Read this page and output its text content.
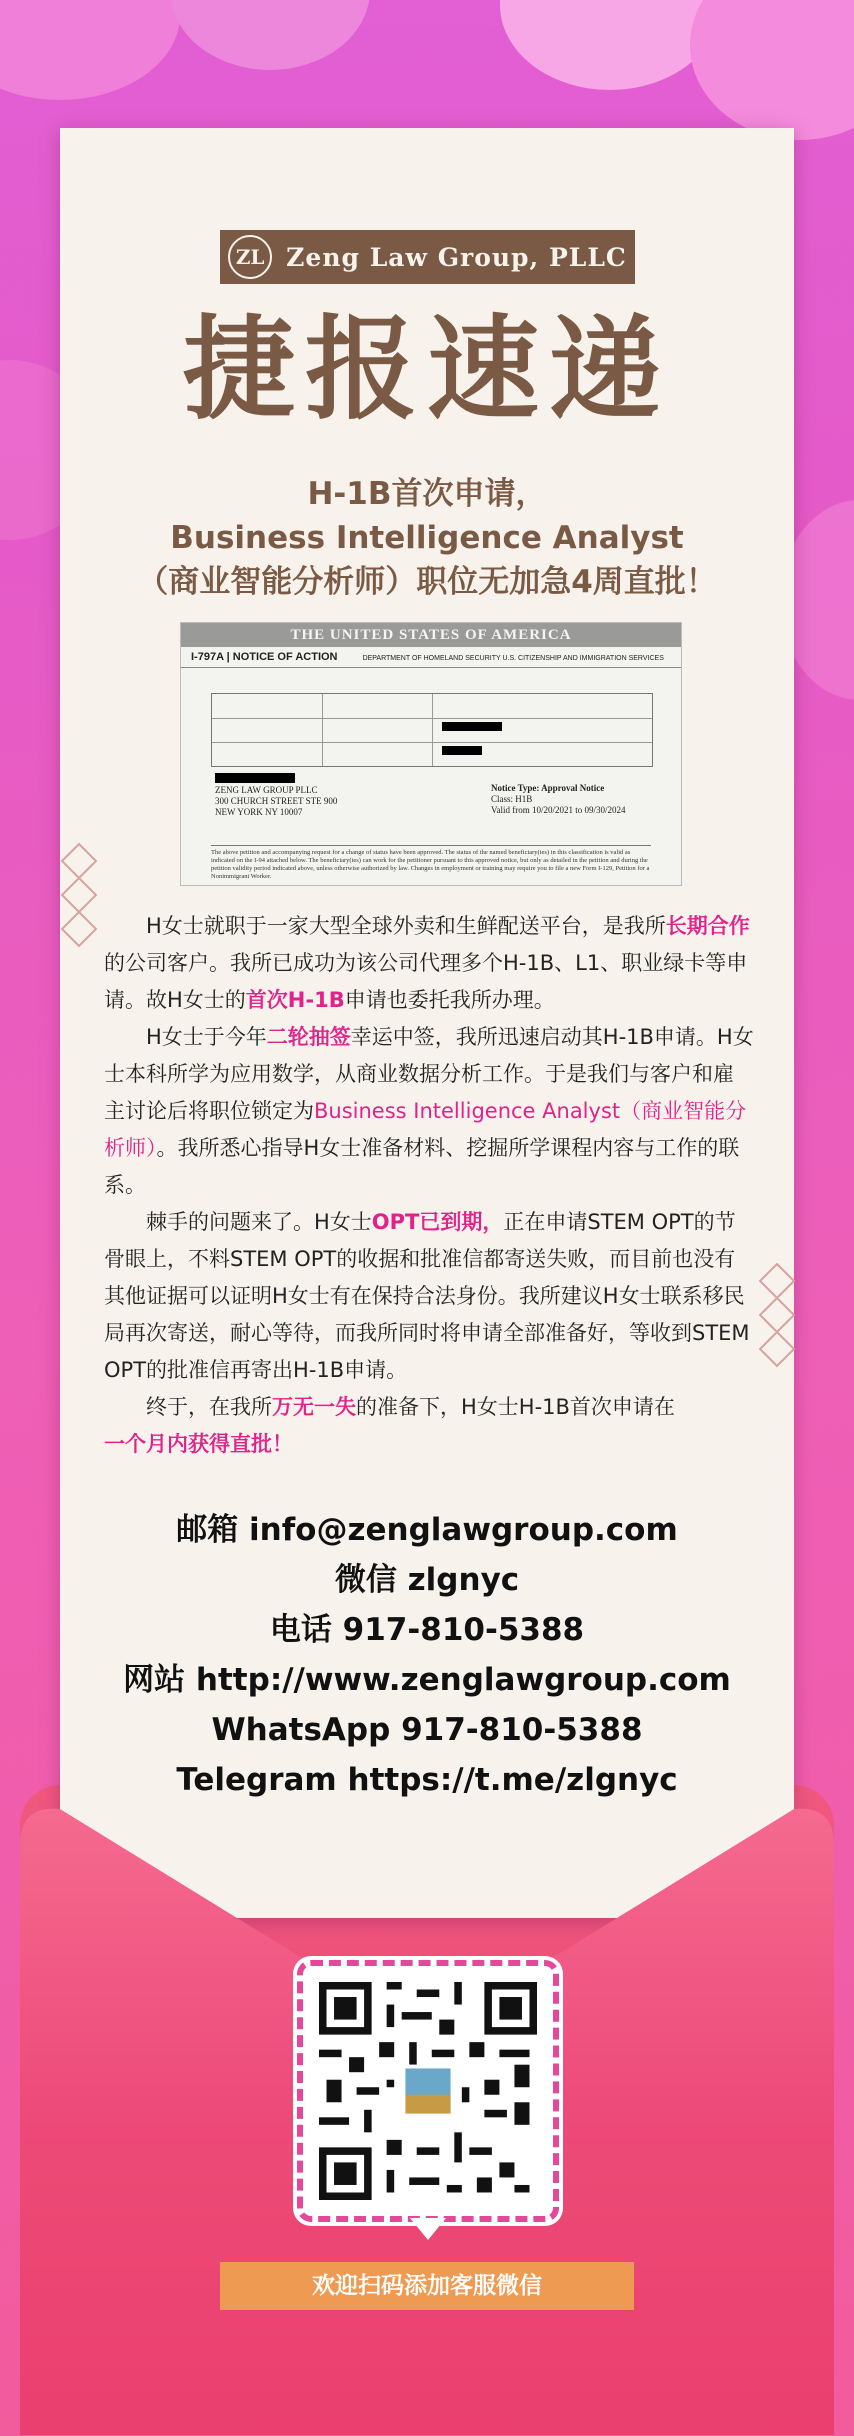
ZL Zeng Law Group, PLLC
捷报速递
H-1B首次申请，
Business Intelligence Analyst
（商业智能分析师）职位无加急4周直批！
THE UNITED STATES OF AMERICA
I-797A | NOTICE OF ACTION	DEPARTMENT OF HOMELAND SECURITY U.S. CITIZENSHIP AND IMMIGRATION SERVICES
ZENG LAW GROUP PLLC
300 CHURCH STREET STE 900
NEW YORK NY 10007
Notice Type: Approval Notice
Class: H1B
Valid from 10/20/2021 to 09/30/2024
The above petition and accompanying request for a change of status have been approved. The status of the named beneficiary(ies) in this classification is valid as indicated on the I-94 attached below. The beneficiary(ies) can work for the petitioner pursuant to this approved notice, but only as detailed in the petition and during the petition validity period indicated above, unless otherwise authorized by law. Changes in employment or training may require you to file a new Form I-129, Petition for a Nonimmigrant Worker.

H女士就职于一家大型全球外卖和生鲜配送平台，是我所长期合作的公司客户。我所已成功为该公司代理多个H-1B、L1、职业绿卡等申请。故H女士的首次H-1B申请也委托我所办理。

H女士于今年二轮抽签幸运中签，我所迅速启动其H-1B申请。H女士本科所学为应用数学，从商业数据分析工作。于是我们与客户和雇主讨论后将职位锁定为Business Intelligence Analyst（商业智能分析师）。我所悉心指导H女士准备材料、挖掘所学课程内容与工作的联系。

棘手的问题来了。H女士OPT已到期，正在申请STEM OPT的节骨眼上，不料STEM OPT的收据和批准信都寄送失败，而目前也没有其他证据可以证明H女士有在保持合法身份。我所建议H女士联系移民局再次寄送，耐心等待，而我所同时将申请全部准备好，等收到STEM OPT的批准信再寄出H-1B申请。

终于，在我所万无一失的准备下，H女士H-1B首次申请在
一个月内获得直批！

邮箱 info@zenglawgroup.com
微信 zlgnyc
电话 917-810-5388
网站 http://www.zenglawgroup.com
WhatsApp 917-810-5388
Telegram https://t.me/zlgnyc
欢迎扫码添加客服微信
